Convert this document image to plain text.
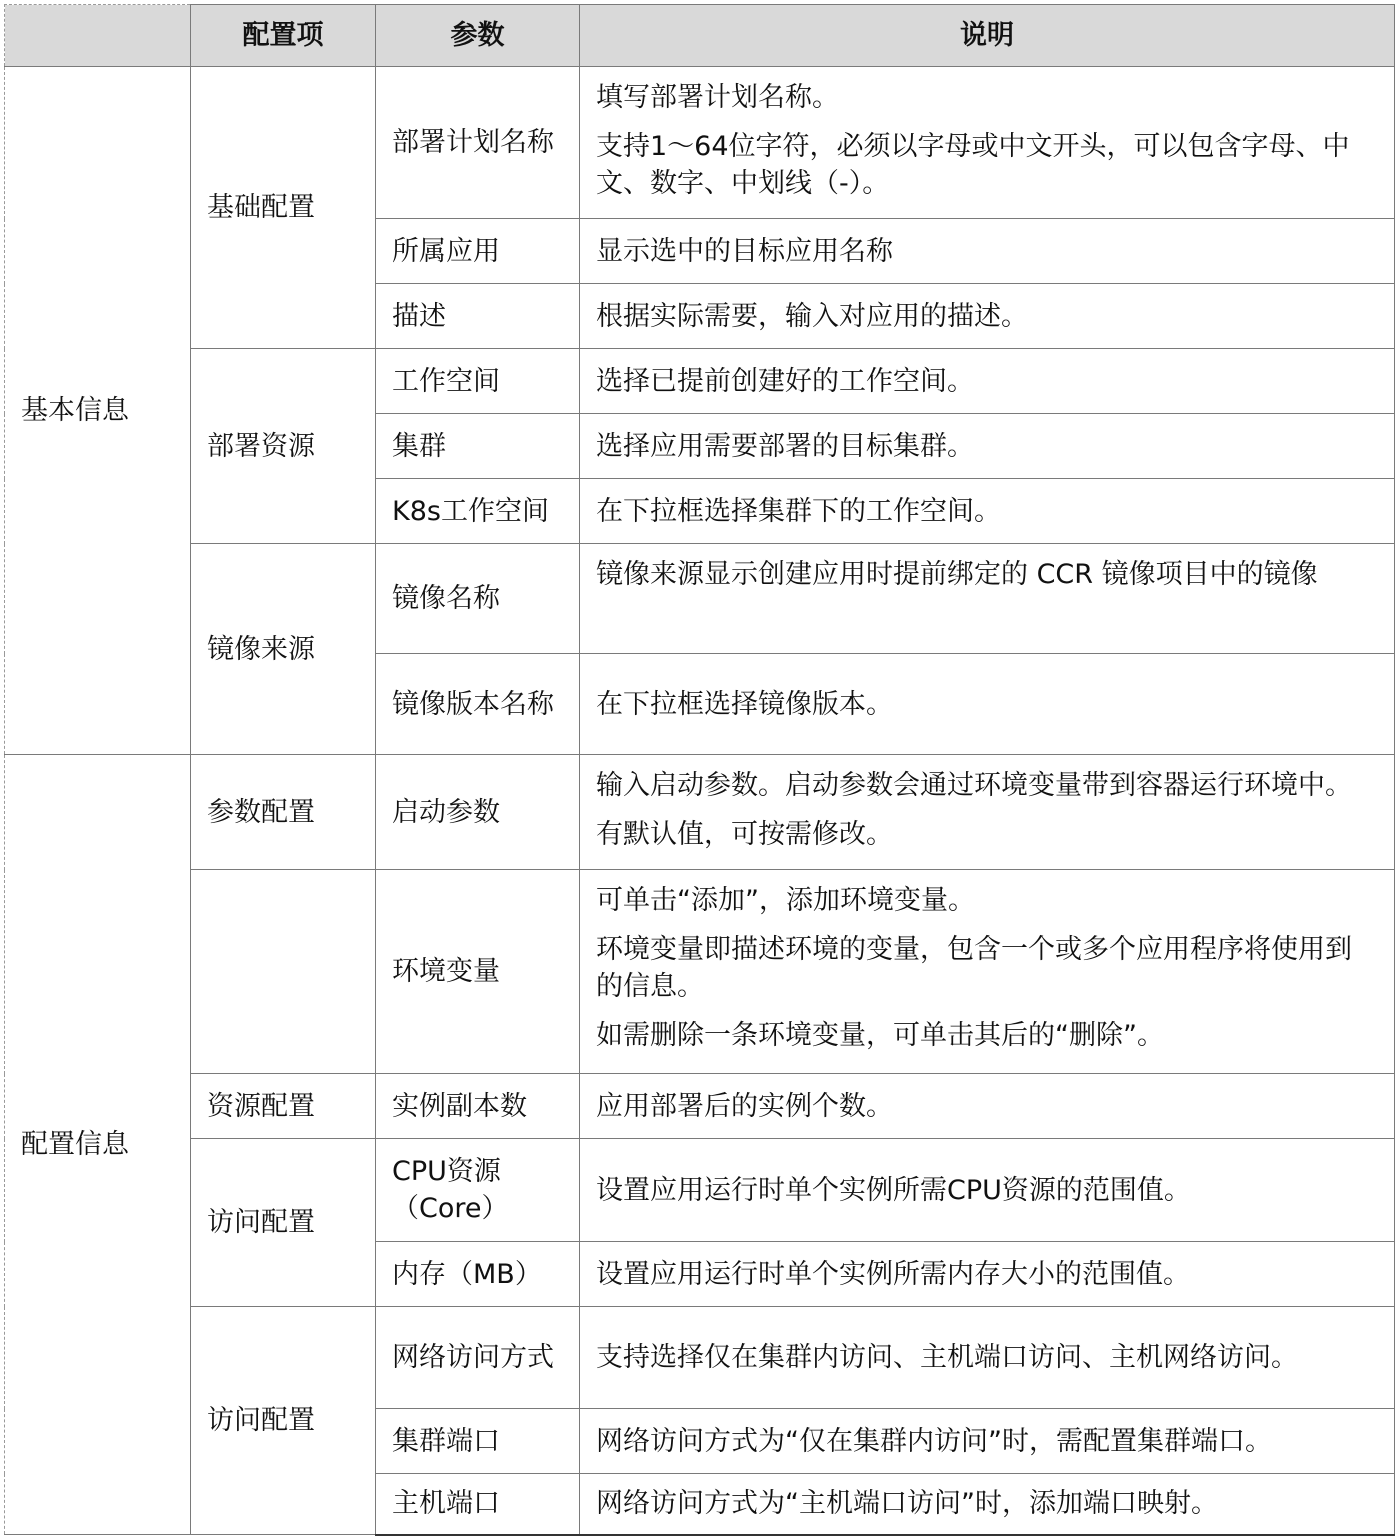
	配置项	参数	说明
基本信息	基础配置	部署计划名称	填写部署计划名称。
支持1～64位字符，必须以字母或中文开头，可以包含字母、中文、数字、中划线（-）。

		所属应用	显示选中的目标应用名称

		描述	根据实际需要，输入对应用的描述。

	部署资源	工作空间	选择已提前创建好的工作空间。

		集群	选择应用需要部署的目标集群。

		K8s工作空间	在下拉框选择集群下的工作空间。

	镜像来源	镜像名称	镜像来源显示创建应用时提前绑定的 CCR 镜像项目中的镜像

		镜像版本名称	在下拉框选择镜像版本。

配置信息	参数配置	启动参数	输入启动参数。启动参数会通过环境变量带到容器运行环境中。
有默认值，可按需修改。

		环境变量	可单击“添加”，添加环境变量。
环境变量即描述环境的变量，包含一个或多个应用程序将使用到的信息。
如需删除一条环境变量，可单击其后的“删除”。

	资源配置	实例副本数	应用部署后的实例个数。

	访问配置	CPU资源（Core）	设置应用运行时单个实例所需CPU资源的范围值。

		内存（MB）	设置应用运行时单个实例所需内存大小的范围值。

	访问配置	网络访问方式	支持选择仅在集群内访问、主机端口访问、主机网络访问。

		集群端口	网络访问方式为“仅在集群内访问”时，需配置集群端口。

		主机端口	网络访问方式为“主机端口访问”时，添加端口映射。
